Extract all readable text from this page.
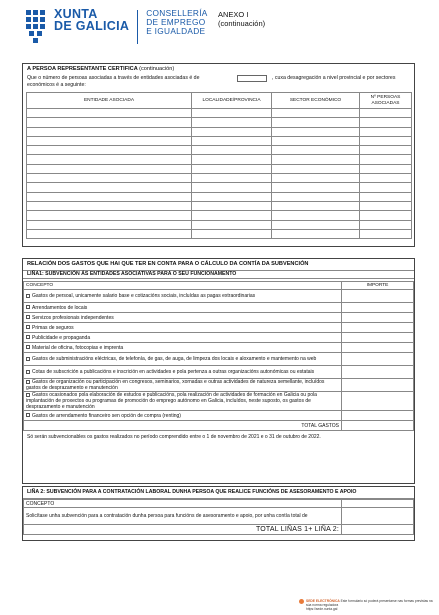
XUNTA
DE GALICIA
CONSELLERÍA
DE EMPREGO
E IGUALDADE
ANEXO I
(continuación)
A PERSOA REPRESENTANTE CERTIFICA (continuación)
Que o número de persoas asociadas a través de entidades asociadas é de	, cuxa desagregación a nivel provincial e por sectores
económicos é a seguinte:
ENTIDADE ASOCIADA	LOCALIDADE/PROVINCIA	SECTOR ECONÓMICO	Nº PERSOAS ASOCIADAS

RELACIÓN DOS GASTOS QUE HAI QUE TER EN CONTA PARA O CÁLCULO DA CONTÍA DA SUBVENCIÓN
LIÑA1: SUBVENCIÓN ÁS ENTIDADES ASOCIATIVAS PARA O SEU FUNCIONAMENTO
CONCEPTO	IMPORTE
Gastos de persoal, unicamente salario base e cotizacións sociais, incluídas as pagas extraordinarias	
Arrendamentos de locais	
Servizos profesionais independentes	
Primas de seguros	
Publicidade e propaganda	
Material de oficina, fotocopias e imprenta	
Gastos de subministracións eléctricas, de telefonía, de gas, de auga, de limpeza dos locais e aloxamento e mantemento na web	
Cotas de subscrición a publicacións e inscrición en actividades e pola pertenza a outras organizacións autonómicas ou estatais	
Gastos de organización ou participación en congresos, seminarios, xornadas e outras actividades de natureza semellante, incluídos gastos de desprazamento e manutención	
Gastos ocasionados pola elaboración de estudos e publicacións, pola realización de actividades de formación en Galicia ou pola implantación de proxectos ou programas de promoción do emprego autónomo en Galicia, incluídos, neste suposto, os gastos de desprazamento e manutención	
Gastos de arrendamento financeiro sen opción de compra (renting)	
TOTAL GASTOS	
Só serán subvencionables os gastos realizados no período comprendido entre o 1 de novembro de 2021 e o 31 de outubro de 2022.
LIÑA 2: SUBVENCIÓN PARA A CONTRATACIÓN LABORAL DUNHA PERSOA QUE REALICE FUNCIÓNS DE ASESORAMENTO E APOIO
CONCEPTO	
Solicítase unha subvención para a contratación dunha persoa para funcións de asesoramento e apoio, por unha contía total de	
TOTAL LIÑAS 1+ LIÑA 2:	
SEDE ELECTRÓNICA Este formulario só poderá presentarse nas formas previstas na súa norma reguladora
https://sede.xunta.gal
